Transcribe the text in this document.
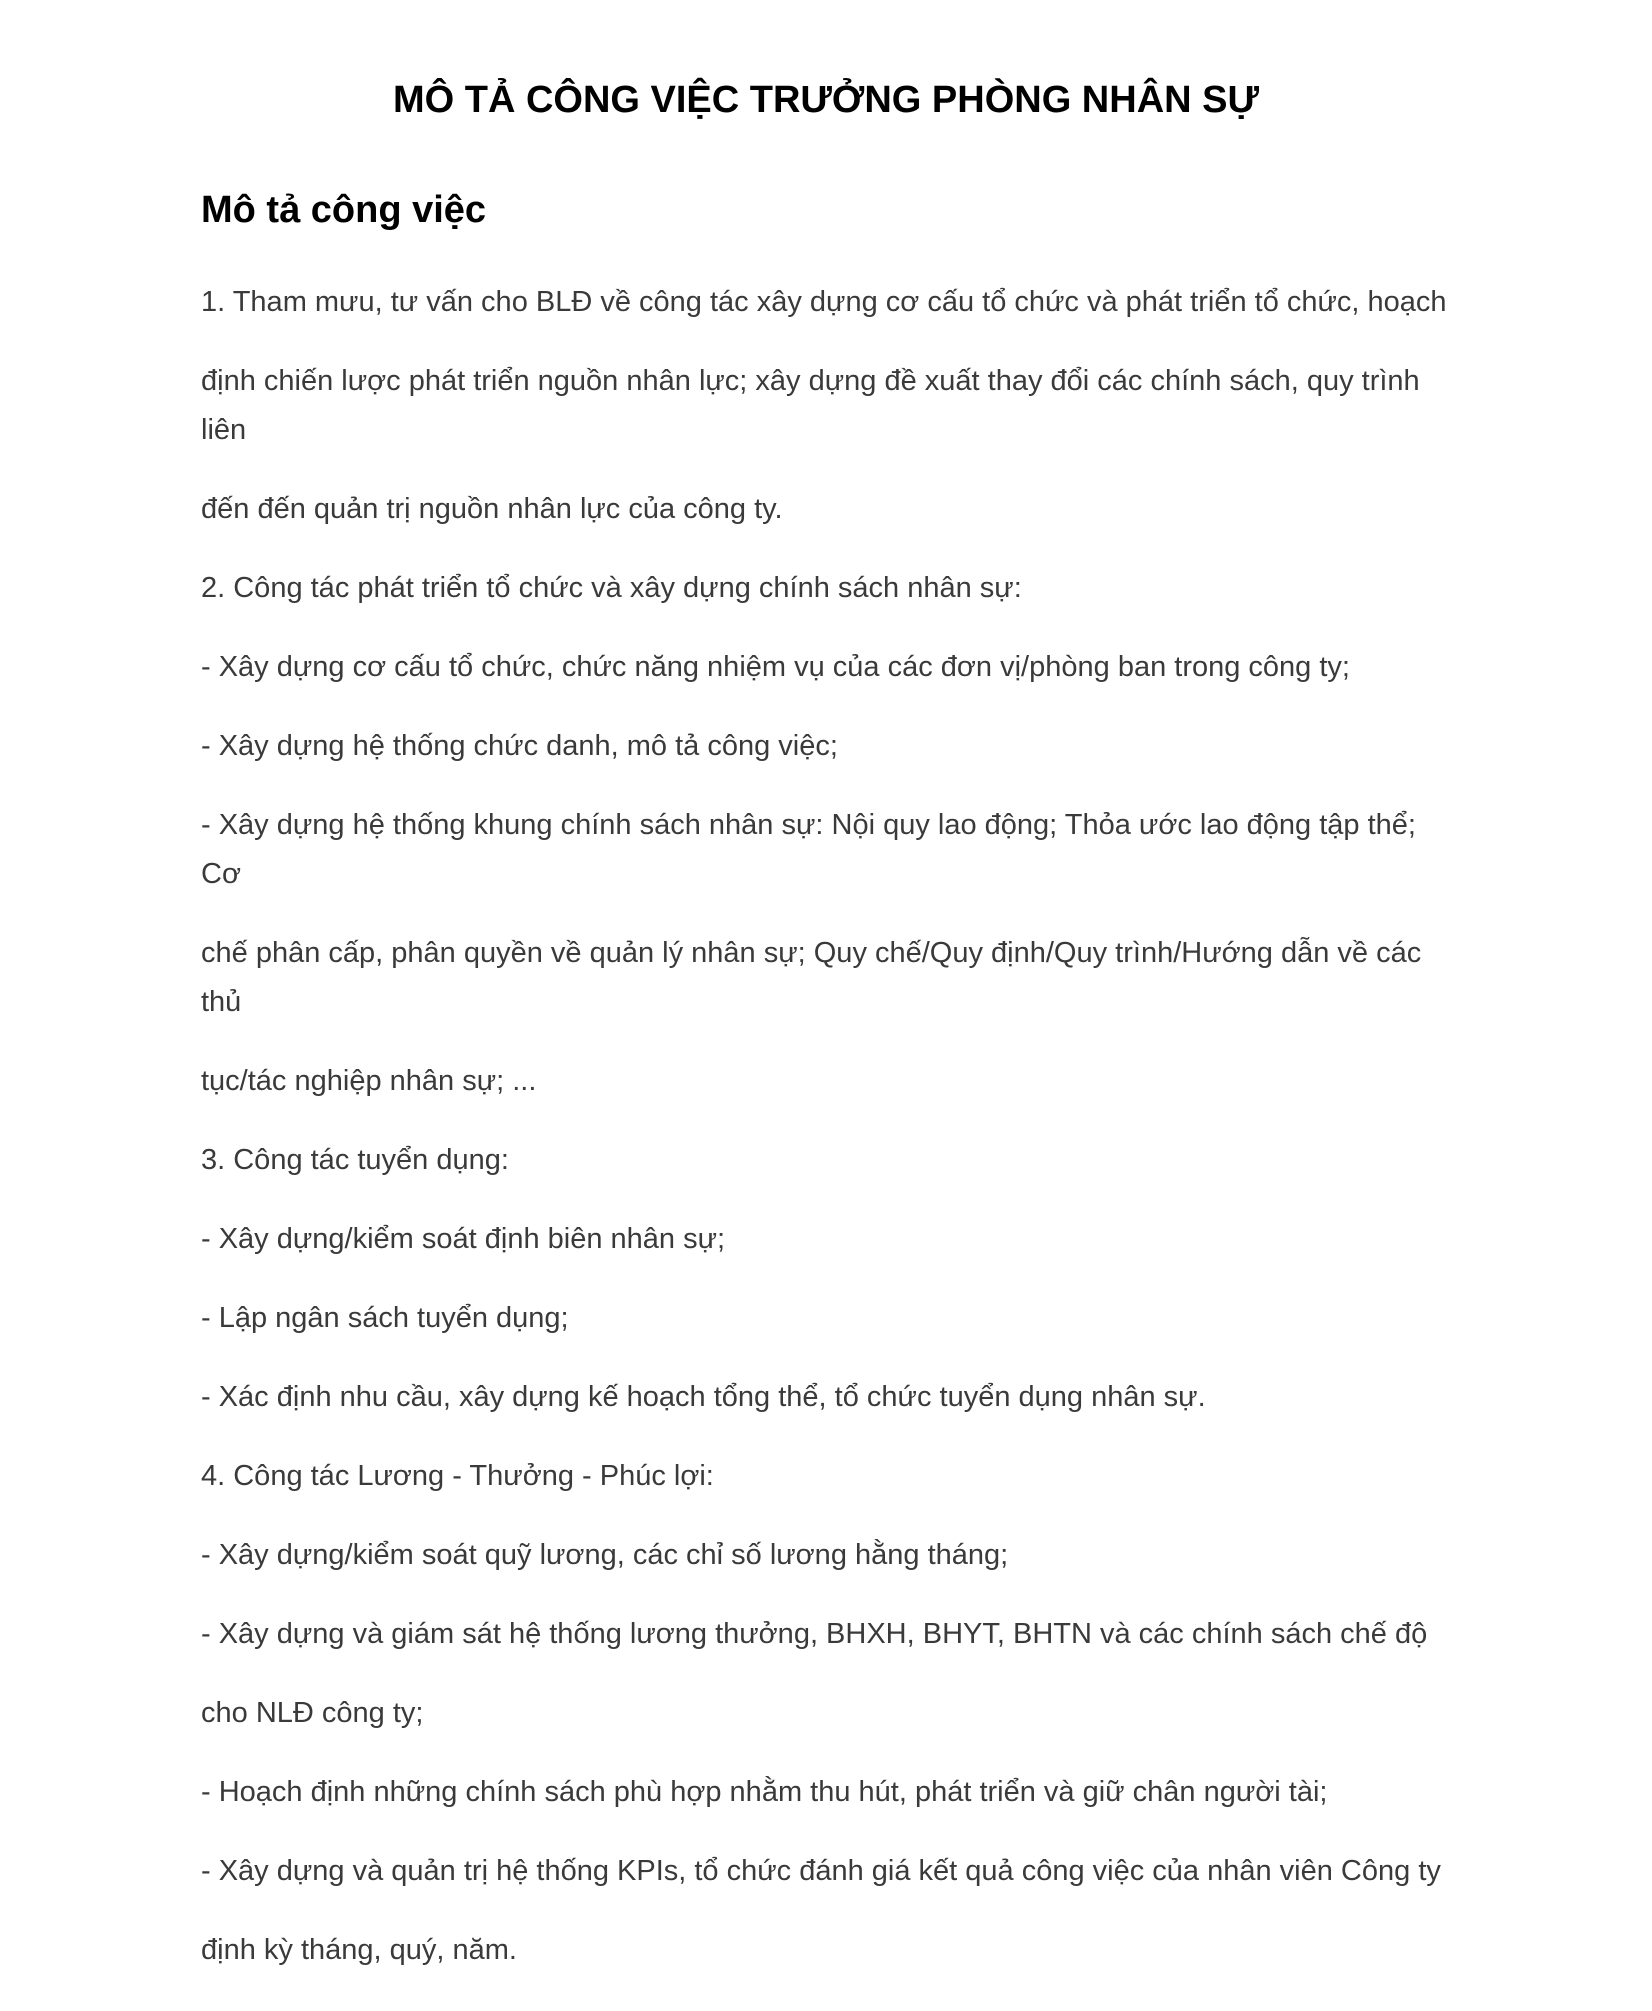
MÔ TẢ CÔNG VIỆC TRƯỞNG PHÒNG NHÂN SỰ
Mô tả công việc

1. Tham mưu, tư vấn cho BLĐ về công tác xây dựng cơ cấu tổ chức và phát triển tổ chức, hoạch

định chiến lược phát triển nguồn nhân lực; xây dựng đề xuất thay đổi các chính sách, quy trình

liên

đến đến quản trị nguồn nhân lực của công ty.

2. Công tác phát triển tổ chức và xây dựng chính sách nhân sự:

- Xây dựng cơ cấu tổ chức, chức năng nhiệm vụ của các đơn vị/phòng ban trong công ty;

- Xây dựng hệ thống chức danh, mô tả công việc;

- Xây dựng hệ thống khung chính sách nhân sự: Nội quy lao động; Thỏa ước lao động tập thể;

Cơ

chế phân cấp, phân quyền về quản lý nhân sự; Quy chế/Quy định/Quy trình/Hướng dẫn về các

thủ

tục/tác nghiệp nhân sự; ...

3. Công tác tuyển dụng:

- Xây dựng/kiểm soát định biên nhân sự;

- Lập ngân sách tuyển dụng;

- Xác định nhu cầu, xây dựng kế hoạch tổng thể, tổ chức tuyển dụng nhân sự.

4. Công tác Lương - Thưởng - Phúc lợi:

- Xây dựng/kiểm soát quỹ lương, các chỉ số lương hằng tháng;

- Xây dựng và giám sát hệ thống lương thưởng, BHXH, BHYT, BHTN và các chính sách chế độ

cho NLĐ công ty;

- Hoạch định những chính sách phù hợp nhằm thu hút, phát triển và giữ chân người tài;

- Xây dựng và quản trị hệ thống KPIs, tổ chức đánh giá kết quả công việc của nhân viên Công ty

định kỳ tháng, quý, năm.
